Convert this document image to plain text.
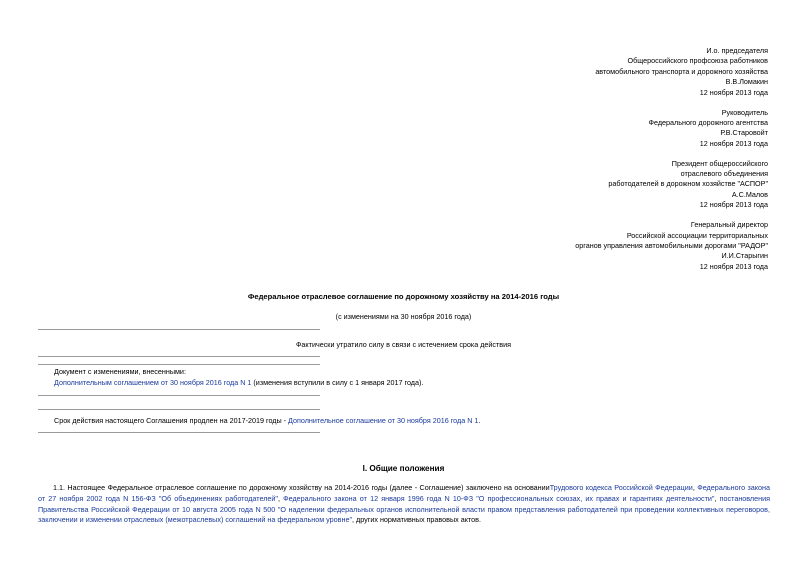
И.о. председателя
Общероссийского профсоюза работников
автомобильного транспорта и дорожного хозяйства
В.В.Ломакин
12 ноября 2013 года
Руководитель
Федерального дорожного агентства
Р.В.Старовойт
12 ноября 2013 года
Президент общероссийского
отраслевого объединения
работодателей в дорожном хозяйстве "АСПОР"
А.С.Малов
12 ноября 2013 года
Генеральный директор
Российской ассоциации территориальных
органов управления автомобильными дорогами "РАДОР"
И.И.Старыгин
12 ноября 2013 года
Федеральное отраслевое соглашение по дорожному хозяйству на 2014-2016 годы
(с изменениями на 30 ноября 2016 года)
Фактически утратило силу в связи с истечением срока действия
Документ с изменениями, внесенными:
Дополнительным соглашением от 30 ноября 2016 года N 1 (изменения вступили в силу с 1 января 2017 года).
Срок действия настоящего Соглашения продлен на 2017-2019 годы - Дополнительное соглашение от 30 ноября 2016 года N 1.
I. Общие положения
1.1. Настоящее Федеральное отраслевое соглашение по дорожному хозяйству на 2014-2016 годы (далее - Соглашение) заключено на основанииТрудового кодекса Российской Федерации, Федерального закона от 27 ноября 2002 года N 156-ФЗ "Об объединениях работодателей", Федерального закона от 12 января 1996 года N 10-ФЗ "О профессиональных союзах, их правах и гарантиях деятельности", постановления Правительства Российской Федерации от 10 августа 2005 года N 500 "О наделении федеральных органов исполнительной власти правом представления работодателей при проведении коллективных переговоров, заключении и изменении отраслевых (межотраслевых) соглашений на федеральном уровне", других нормативных правовых актов.
